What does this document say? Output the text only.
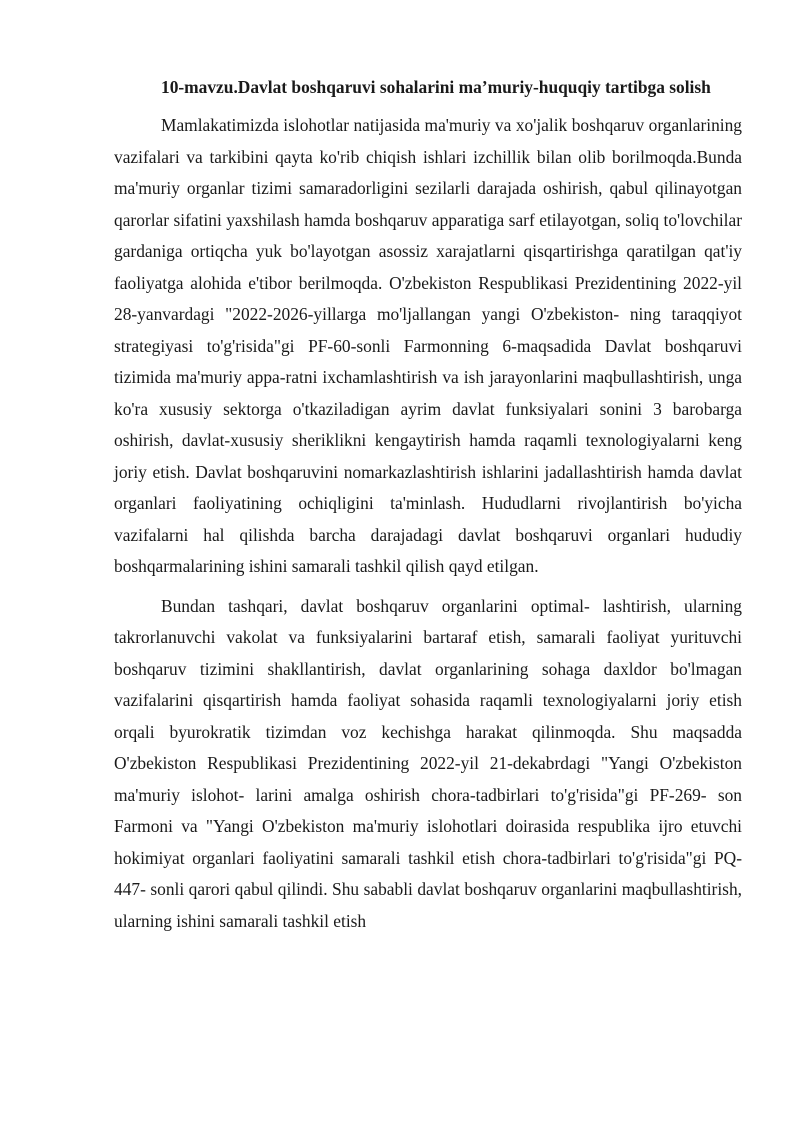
10-mavzu.Davlat boshqaruvi sohalarini ma’muriy-huquqiy tartibga solish

Mamlakatimizda islohotlar natijasida ma'muriy va xo'jalik boshqaruv organlarining vazifalari va tarkibini qayta ko'rib chiqish ishlari izchillik bilan olib borilmoqda.Bunda ma'muriy organlar tizimi samaradorligini sezilarli darajada oshirish, qabul qilinayotgan qarorlar sifatini yaxshilash hamda boshqaruv apparatiga sarf etilayotgan, soliq to'lovchilar gardaniga ortiqcha yuk bo'layotgan asossiz xarajatlarni qisqartirishga qaratilgan qat'iy faoliyatga alohida e'tibor berilmoqda. O'zbekiston Respublikasi Prezidentining 2022-yil 28-yanvardagi "2022-2026-yillarga mo'ljallangan yangi O'zbekiston- ning taraqqiyot strategiyasi to'g'risida"gi PF-60-sonli Farmonning 6-maqsadida Davlat boshqaruvi tizimida ma'muriy appa-ratni ixchamlashtirish va ish jarayonlarini maqbullashtirish, unga ko'ra xususiy sektorga o'tkaziladigan ayrim davlat funksiyalari sonini 3 barobarga oshirish, davlat-xususiy sheriklikni kengaytirish hamda raqamli texnologiyalarni keng joriy etish. Davlat boshqaruvini nomarkazlashtirish ishlarini jadallashtirish hamda davlat organlari faoliyatining ochiqligini ta'minlash. Hududlarni rivojlantirish bo'yicha vazifalarni hal qilishda barcha darajadagi davlat boshqaruvi organlari hududiy boshqarmalarining ishini samarali tashkil qilish qayd etilgan.

Bundan tashqari, davlat boshqaruv organlarini optimal- lashtirish, ularning takrorlanuvchi vakolat va funksiyalarini bartaraf etish, samarali faoliyat yurituvchi boshqaruv tizimini shakllantirish, davlat organlarining sohaga daxldor bo'lmagan vazifalarini qisqartirish hamda faoliyat sohasida raqamli texnologiyalarni joriy etish orqali byurokratik tizimdan voz kechishga harakat qilinmoqda. Shu maqsadda O'zbekiston Respublikasi Prezidentining 2022-yil 21-dekabrdagi "Yangi O'zbekiston ma'muriy islohot- larini amalga oshirish chora-tadbirlari to'g'risida"gi PF-269- son Farmoni va "Yangi O'zbekiston ma'muriy islohotlari doirasida respublika ijro etuvchi hokimiyat organlari faoliyatini samarali tashkil etish chora-tadbirlari to'g'risida"gi PQ-447- sonli qarori qabul qilindi. Shu sababli davlat boshqaruv organlarini maqbullashtirish, ularning ishini samarali tashkil etish
